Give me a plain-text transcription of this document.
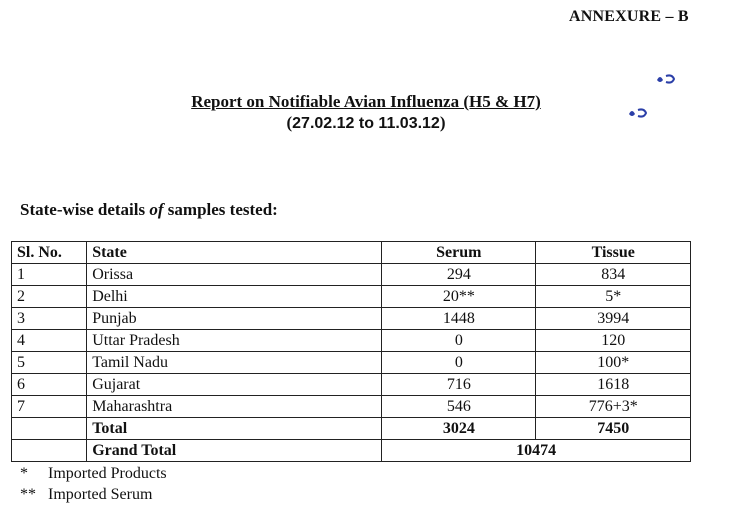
ANNEXURE – B
Report on Notifiable Avian Influenza (H5 & H7)
(27.02.12 to 11.03.12)
State-wise details of samples tested:
Sl. No.	State	Serum	Tissue
1	Orissa	294	834
2	Delhi	20**	5*
3	Punjab	1448	3994
4	Uttar Pradesh	0	120
5	Tamil Nadu	0	100*
6	Gujarat	716	1618
7	Maharashtra	546	776+3*
	Total	3024	7450
	Grand Total	10474	
* Imported Products
** Imported Serum
